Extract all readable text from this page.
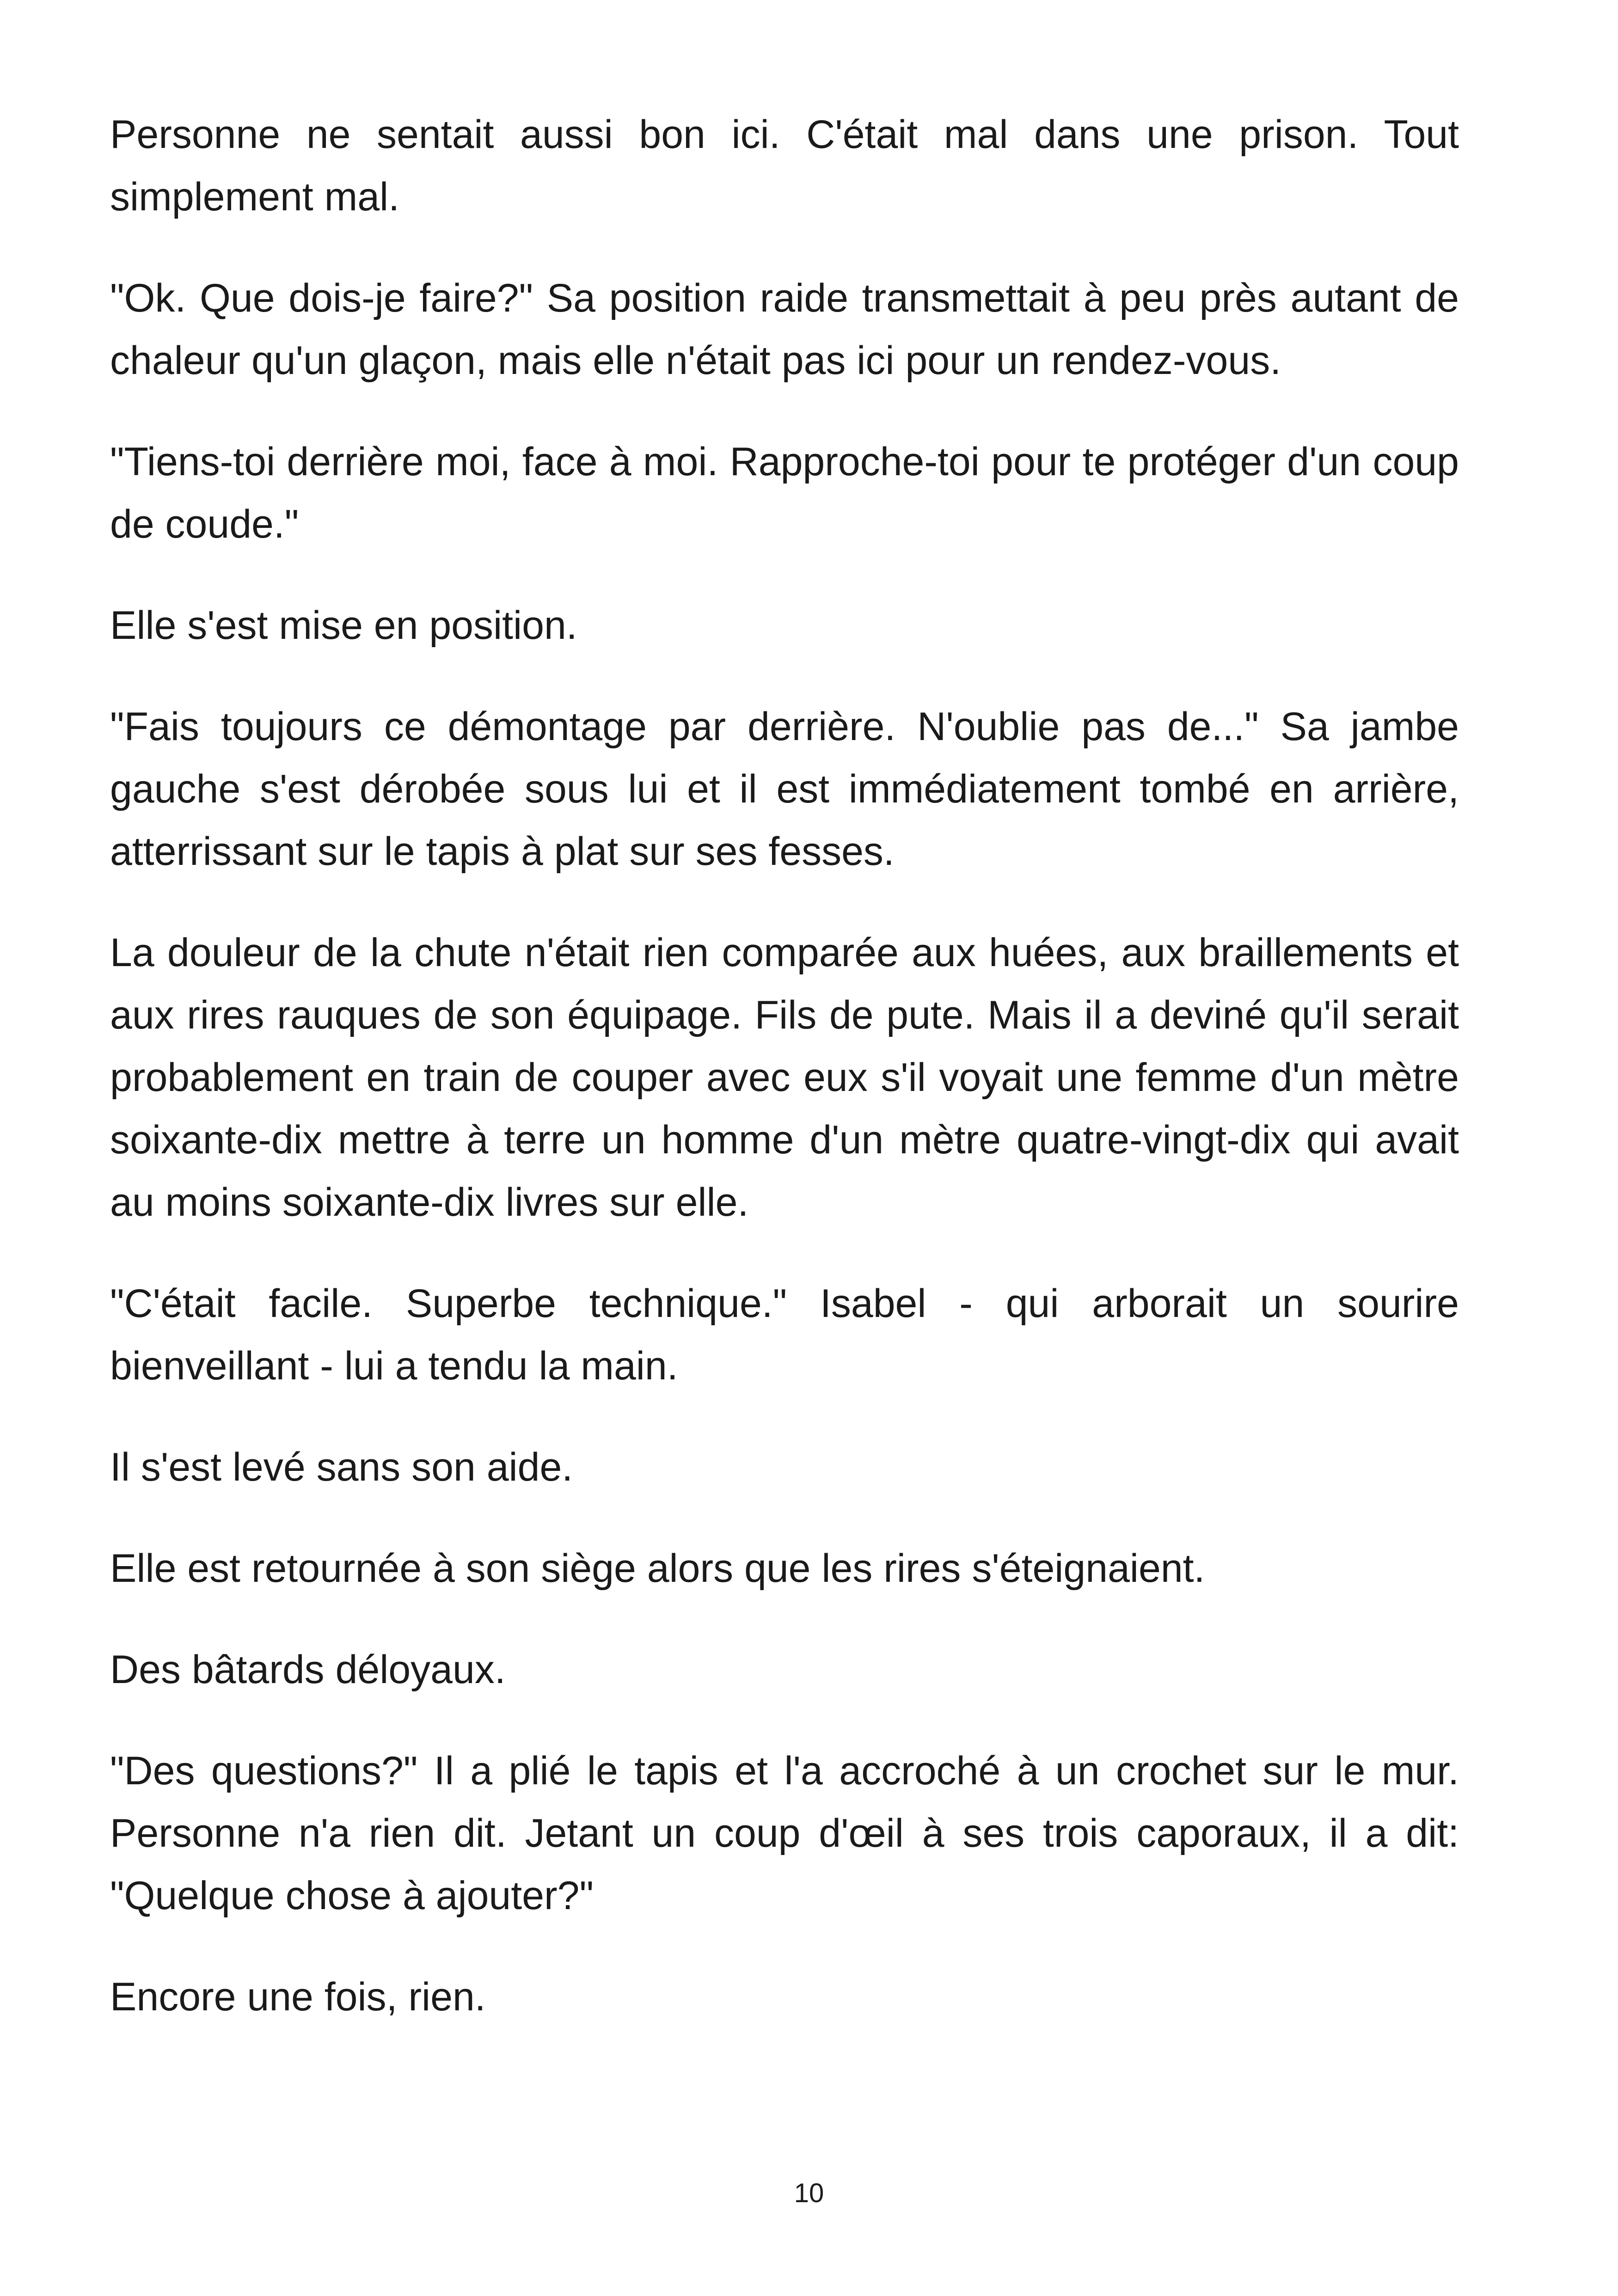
Personne ne sentait aussi bon ici. C'était mal dans une prison. Tout simplement mal.

"Ok. Que dois-je faire?" Sa position raide transmettait à peu près autant de chaleur qu'un glaçon, mais elle n'était pas ici pour un rendez-vous.

"Tiens-toi derrière moi, face à moi. Rapproche-toi pour te protéger d'un coup de coude."

Elle s'est mise en position.

"Fais toujours ce démontage par derrière. N'oublie pas de..." Sa jambe gauche s'est dérobée sous lui et il est immédiatement tombé en arrière, atterrissant sur le tapis à plat sur ses fesses.

La douleur de la chute n'était rien comparée aux huées, aux braillements et aux rires rauques de son équipage. Fils de pute. Mais il a deviné qu'il serait probablement en train de couper avec eux s'il voyait une femme d'un mètre soixante-dix mettre à terre un homme d'un mètre quatre-vingt-dix qui avait au moins soixante-dix livres sur elle.

"C'était facile. Superbe technique." Isabel - qui arborait un sourire bienveillant - lui a tendu la main.

Il s'est levé sans son aide.

Elle est retournée à son siège alors que les rires s'éteignaient.

Des bâtards déloyaux.

"Des questions?" Il a plié le tapis et l'a accroché à un crochet sur le mur. Personne n'a rien dit. Jetant un coup d'œil à ses trois caporaux, il a dit: "Quelque chose à ajouter?"

Encore une fois, rien.

10
